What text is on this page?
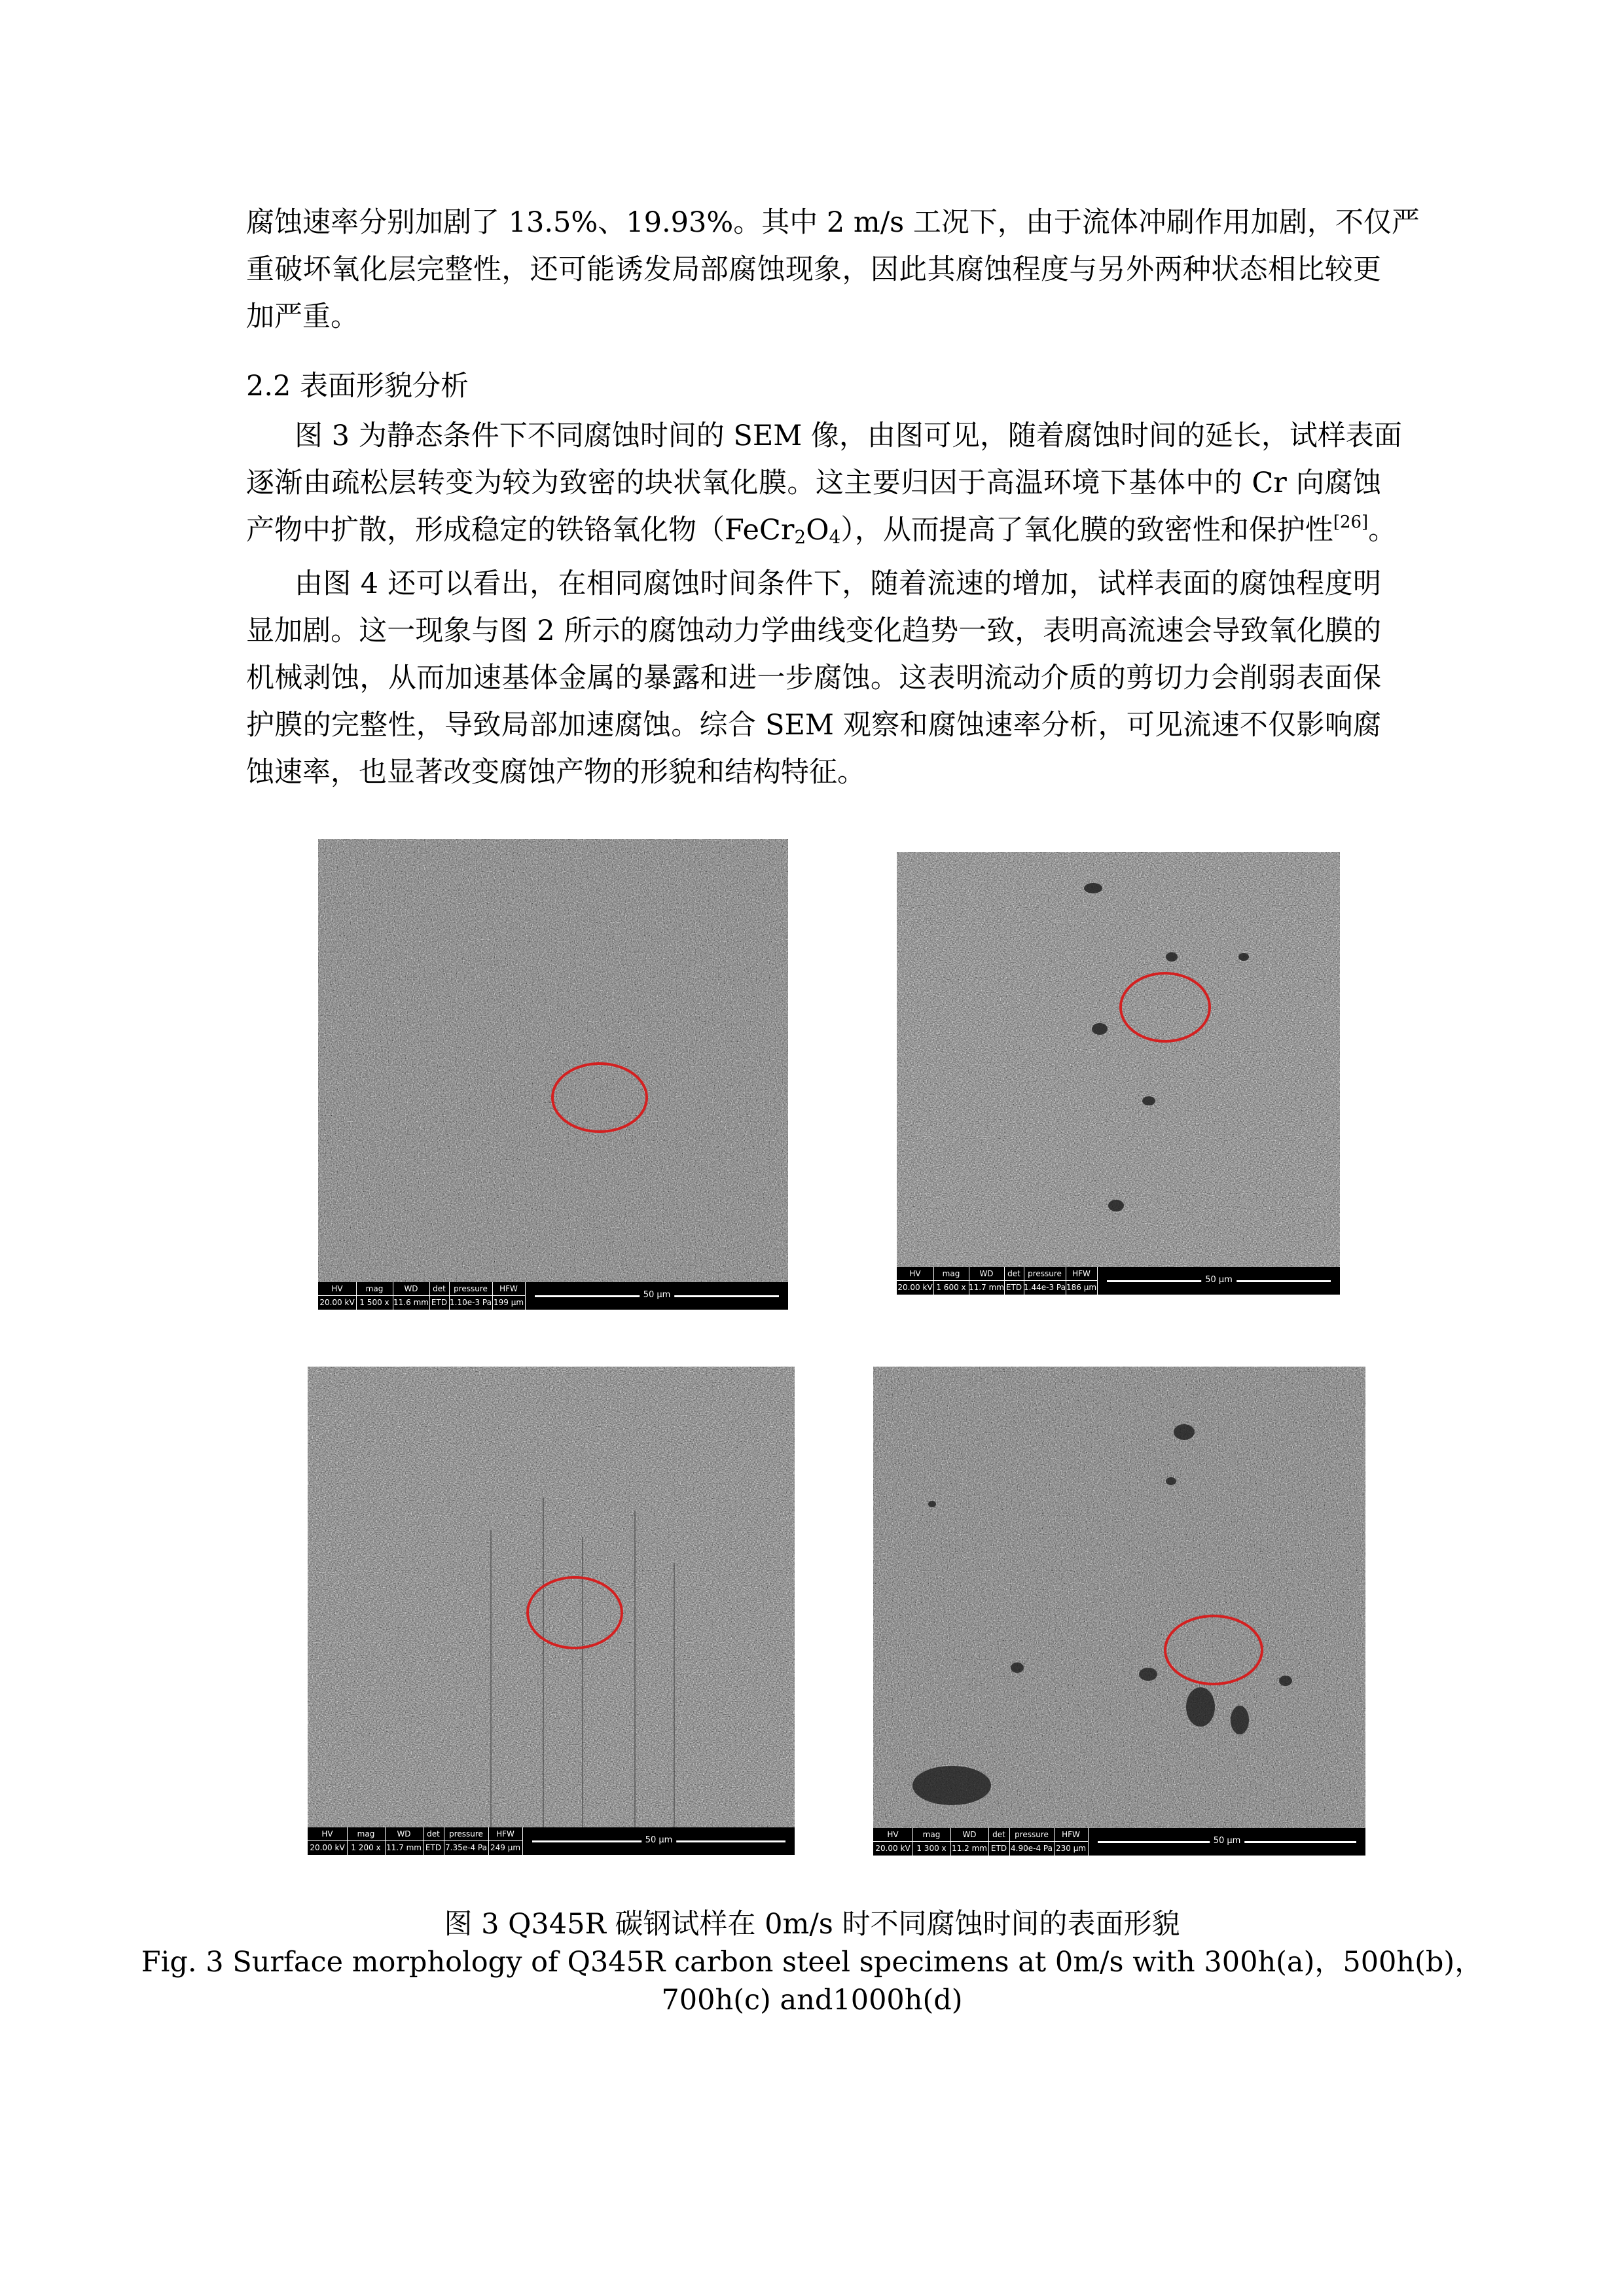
腐蚀速率分别加剧了 13.5%、19.93%。其中 2 m/s 工况下，由于流体冲刷作用加剧，不仅严
重破坏氧化层完整性，还可能诱发局部腐蚀现象，因此其腐蚀程度与另外两种状态相比较更
加严重。
2.2 表面形貌分析
图 3 为静态条件下不同腐蚀时间的 SEM 像，由图可见，随着腐蚀时间的延长，试样表面
逐渐由疏松层转变为较为致密的块状氧化膜。这主要归因于高温环境下基体中的 Cr 向腐蚀
产物中扩散，形成稳定的铁铬氧化物$(FeCr_2O_4)$，从而提高了氧化膜的致密性和保护性[26]。
由图 4 还可以看出，在相同腐蚀时间条件下，随着流速的增加，试样表面的腐蚀程度明
显加剧。这一现象与图 2 所示的腐蚀动力学曲线变化趋势一致，表明高流速会导致氧化膜的
机械剥蚀，从而加速基体金属的暴露和进一步腐蚀。这表明流动介质的剪切力会削弱表面保
护膜的完整性，导致局部加速腐蚀。综合 SEM 观察和腐蚀速率分析，可见流速不仅影响腐
蚀速率，也显著改变腐蚀产物的形貌和结构特征。
HV
20.00 kV
mag
1 500 x
WD
11.6 mm
det
ETD
pressure
1.10e-3 Pa
HFW
199 µm
50 µm
HV
20.00 kV
mag
1 600 x
WD
11.7 mm
det
ETD
pressure
1.44e-3 Pa
HFW
186 µm
50 µm
HV
20.00 kV
mag
1 200 x
WD
11.7 mm
det
ETD
pressure
7.35e-4 Pa
HFW
249 µm
50 µm
HV
20.00 kV
mag
1 300 x
WD
11.2 mm
det
ETD
pressure
4.90e-4 Pa
HFW
230 µm
50 µm
图 3 Q345R 碳钢试样在 0m/s 时不同腐蚀时间的表面形貌
Fig. 3 Surface morphology of Q345R carbon steel specimens at 0m/s with 300h(a)，500h(b)，
700h(c) and1000h(d)
